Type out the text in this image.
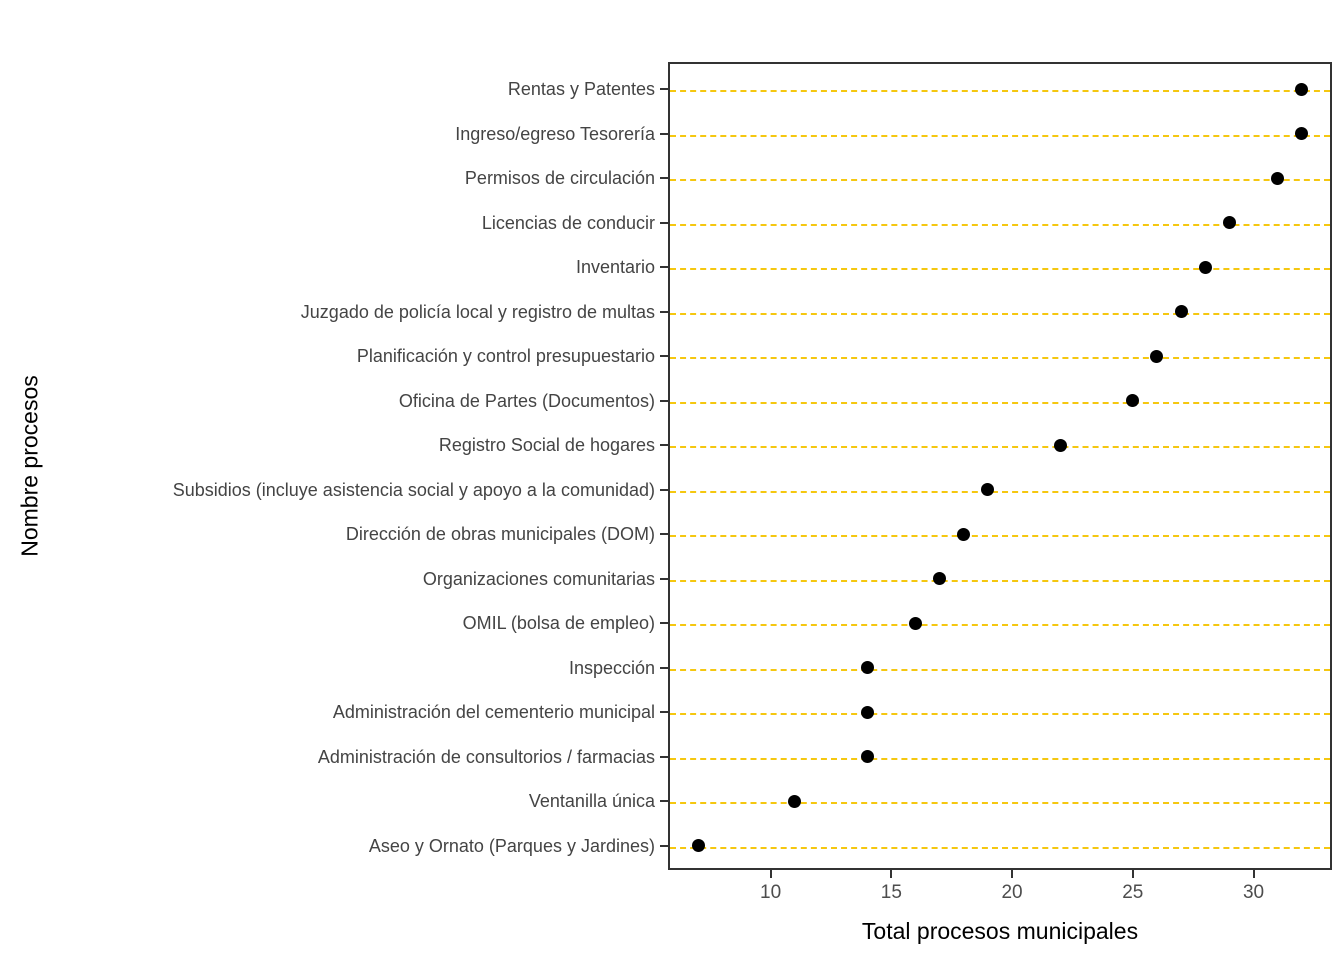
Nombre procesos
Rentas y Patentes
Ingreso/egreso Tesorería
Permisos de circulación
Licencias de conducir
Inventario
Juzgado de policía local y registro de multas
Planificación y control presupuestario
Oficina de Partes (Documentos)
Registro Social de hogares
Subsidios (incluye asistencia social y apoyo a la comunidad)
Dirección de obras municipales (DOM)
Organizaciones comunitarias
OMIL (bolsa de empleo)
Inspección
Administración del cementerio municipal
Administración de consultorios / farmacias
Ventanilla única
Aseo y Ornato (Parques y Jardines)
10	15	20	25	30
Total procesos municipales
